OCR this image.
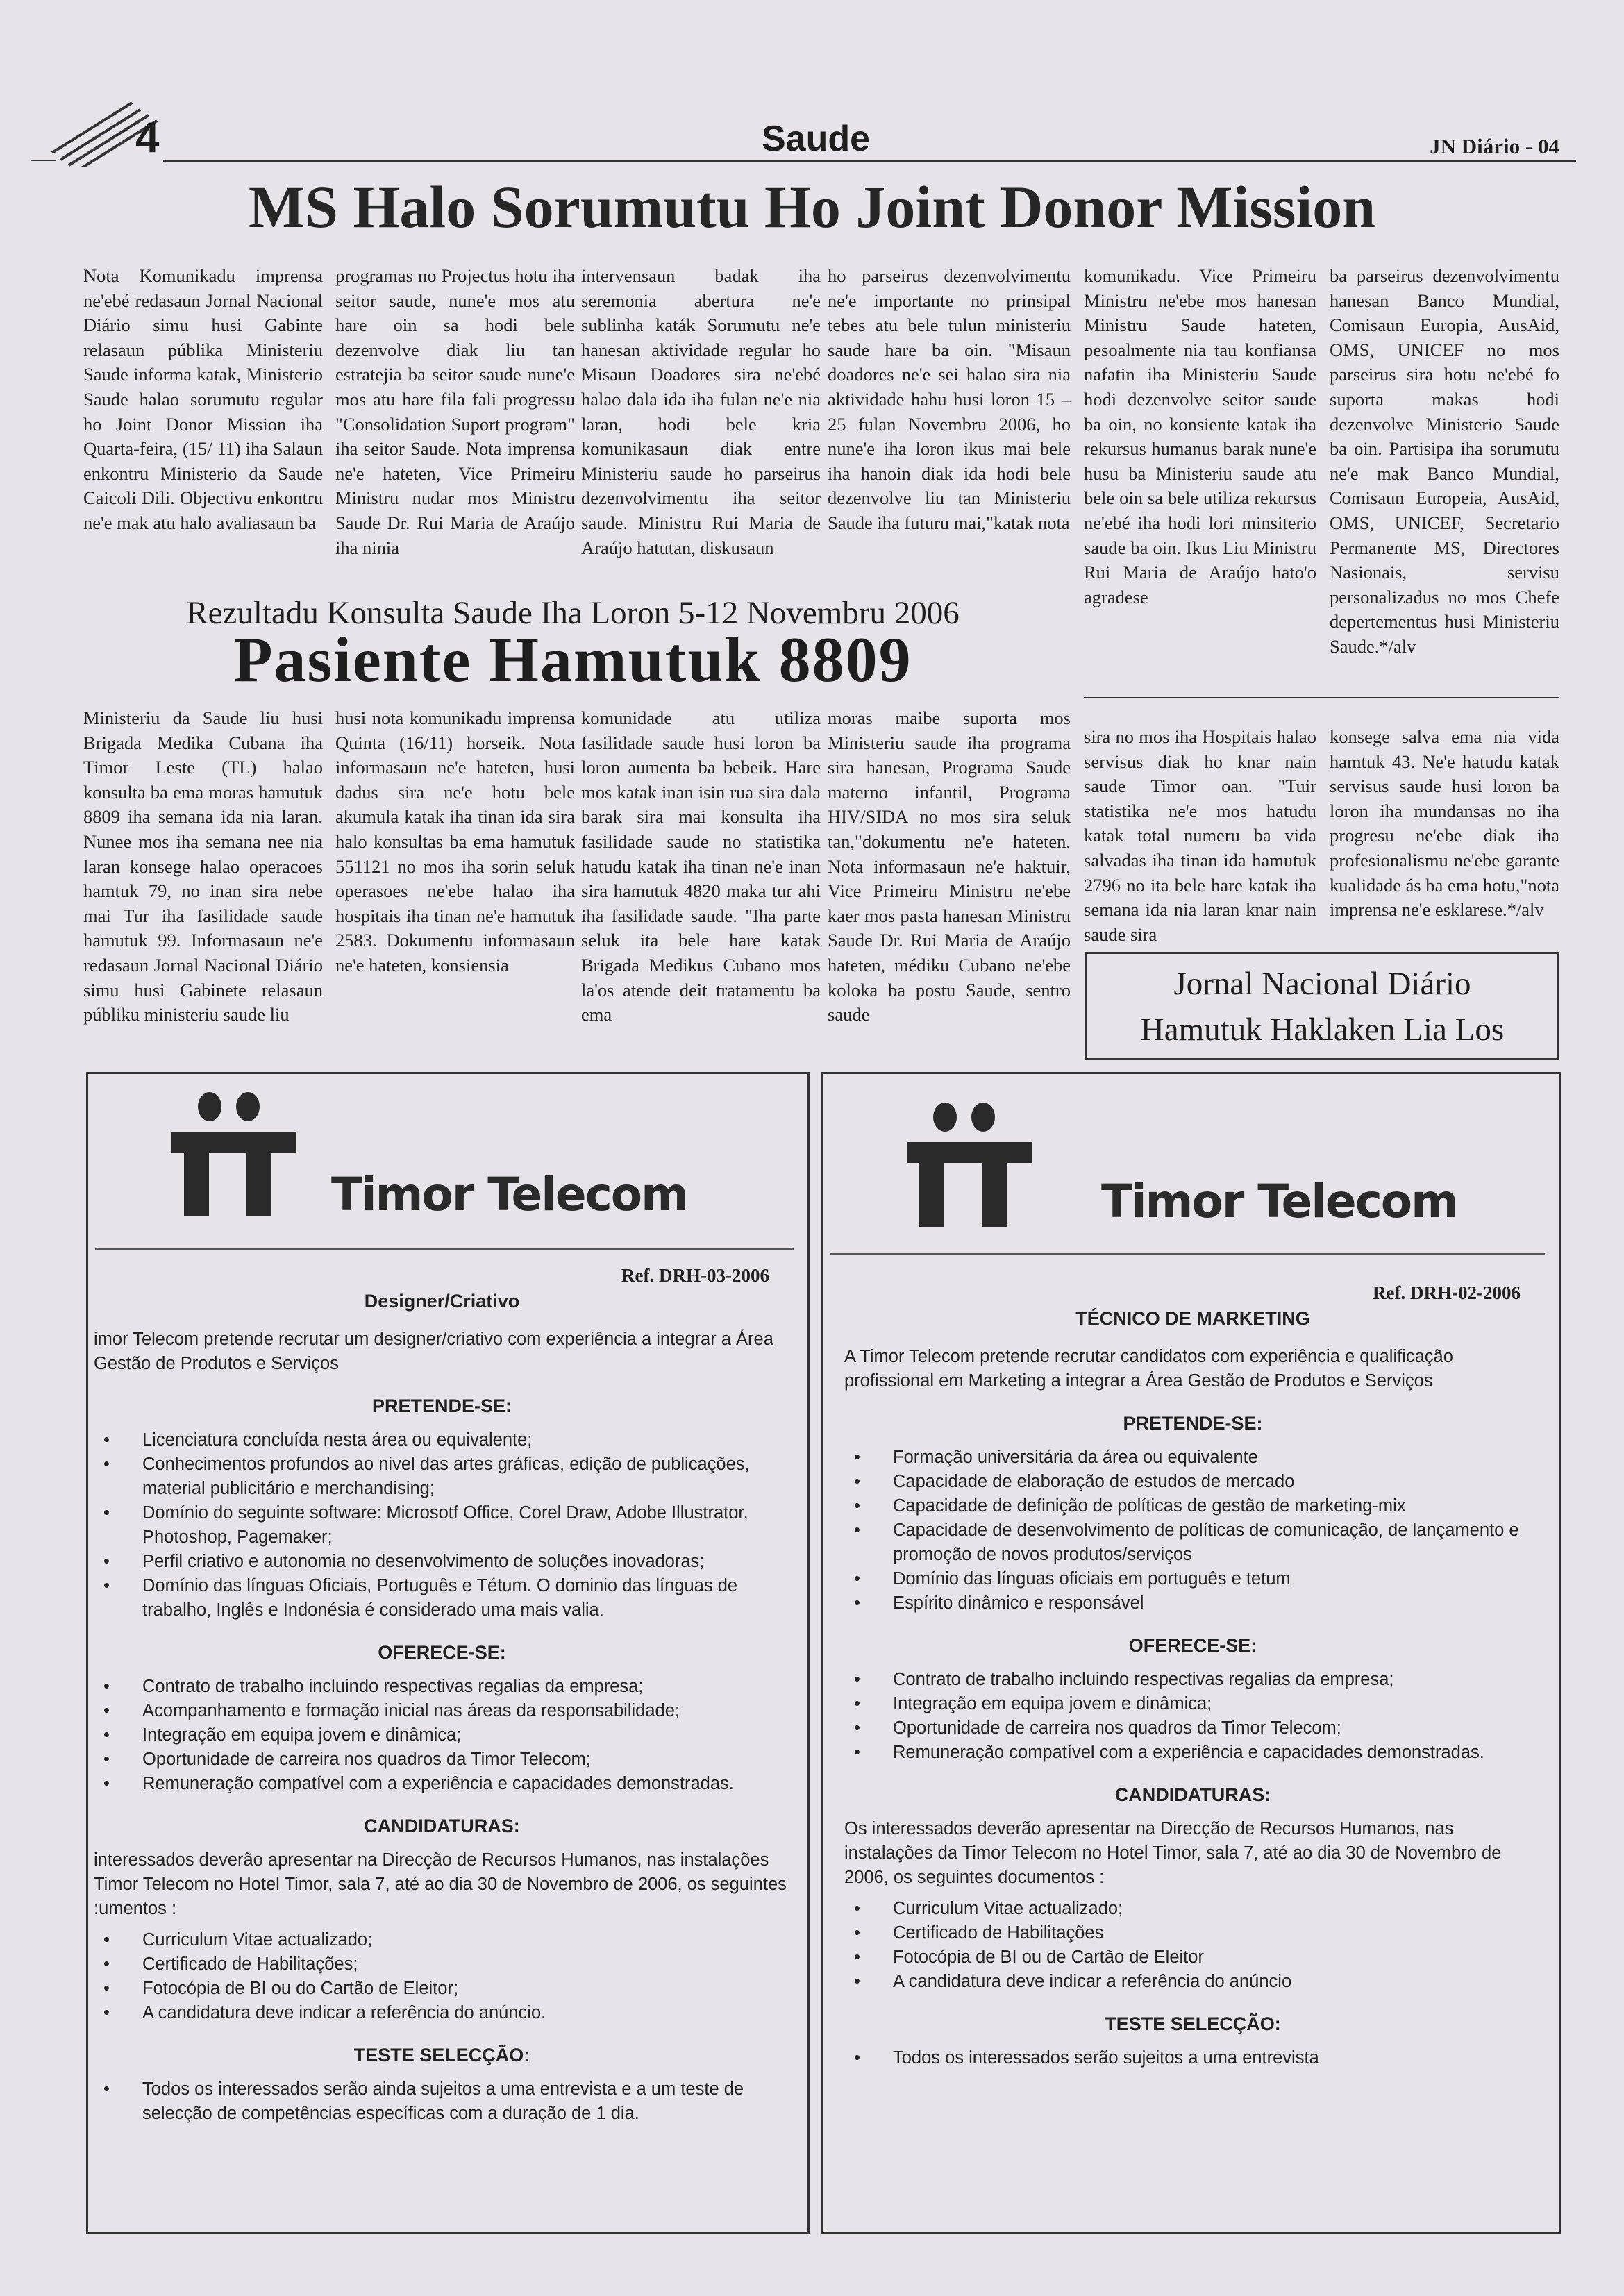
4	Saude	JN Diário - 04
MS Halo Sorumutu Ho Joint Donor Mission
Nota Komunikadu imprensa ne'ebé redasaun Jornal Nacional Diário simu husi Gabinte relasaun públika Ministeriu Saude informa katak, Ministerio Saude halao sorumutu regular ho Joint Donor Mission iha Quarta-feira, (15/ 11) iha Salaun enkontru Ministerio da Saude Caicoli Dili. Objectivu enkontru ne'e mak atu halo avaliasaun ba
programas no Projectus hotu iha seitor saude, nune'e mos atu hare oin sa hodi bele dezenvolve diak liu tan estratejia ba seitor saude nune'e mos atu hare fila fali progressu "Consolidation Suport program" iha seitor Saude. Nota imprensa ne'e hateten, Vice Primeiru Ministru nudar mos Ministru Saude Dr. Rui Maria de Araújo iha ninia
intervensaun badak iha seremonia abertura ne'e sublinha katák Sorumutu ne'e hanesan aktividade regular ho Misaun Doadores sira ne'ebé halao dala ida iha fulan ne'e nia laran, hodi bele kria komunikasaun diak entre Ministeriu saude ho parseirus dezenvolvimentu iha seitor saude. Ministru Rui Maria de Araújo hatutan, diskusaun
ho parseirus dezenvolvimentu ne'e importante no prinsipal tebes atu bele tulun ministeriu saude hare ba oin. "Misaun doadores ne'e sei halao sira nia aktividade hahu husi loron 15 – 25 fulan Novembru 2006, ho nune'e iha loron ikus mai bele iha hanoin diak ida hodi bele dezenvolve liu tan Ministeriu Saude iha futuru mai,"katak nota
komunikadu. Vice Primeiru Ministru ne'ebe mos hanesan Ministru Saude hateten, pesoalmente nia tau konfiansa nafatin iha Ministeriu Saude hodi dezenvolve seitor saude ba oin, no konsiente katak iha rekursus humanus barak nune'e husu ba Ministeriu saude atu bele oin sa bele utiliza rekursus ne'ebé iha hodi lori minsiterio saude ba oin. Ikus Liu Ministru Rui Maria de Araújo hato'o agradese
ba parseirus dezenvolvimentu hanesan Banco Mundial, Comisaun Europia, AusAid, OMS, UNICEF no mos parseirus sira hotu ne'ebé fo suporta makas hodi dezenvolve Ministerio Saude ba oin. Partisipa iha sorumutu ne'e mak Banco Mundial, Comisaun Europeia, AusAid, OMS, UNICEF, Secretario Permanente MS, Directores Nasionais, servisu personalizadus no mos Chefe depertementus husi Ministeriu Saude.*/alv
Rezultadu Konsulta Saude Iha Loron 5-12 Novembru 2006
Pasiente Hamutuk 8809
Ministeriu da Saude liu husi Brigada Medika Cubana iha Timor Leste (TL) halao konsulta ba ema moras hamutuk 8809 iha semana ida nia laran. Nunee mos iha semana nee nia laran konsege halao operacoes hamtuk 79, no inan sira nebe mai Tur iha fasilidade saude hamutuk 99. Informasaun ne'e redasaun Jornal Nacional Diário simu husi Gabinete relasaun públiku ministeriu saude liu
husi nota komunikadu imprensa Quinta (16/11) horseik. Nota informasaun ne'e hateten, husi dadus sira ne'e hotu bele akumula katak iha tinan ida sira halo konsultas ba ema hamutuk 551121 no mos iha sorin seluk operasoes ne'ebe halao iha hospitais iha tinan ne'e hamutuk 2583. Dokumentu informasaun ne'e hateten, konsiensia
komunidade atu utiliza fasilidade saude husi loron ba loron aumenta ba bebeik. Hare mos katak inan isin rua sira dala barak sira mai konsulta iha fasilidade saude no statistika hatudu katak iha tinan ne'e inan sira hamutuk 4820 maka tur ahi iha fasilidade saude. "Iha parte seluk ita bele hare katak Brigada Medikus Cubano mos la'os atende deit tratamentu ba ema
moras maibe suporta mos Ministeriu saude iha programa sira hanesan, Programa Saude materno infantil, Programa HIV/SIDA no mos sira seluk tan,"dokumentu ne'e hateten. Nota informasaun ne'e haktuir, Vice Primeiru Ministru ne'ebe kaer mos pasta hanesan Ministru Saude Dr. Rui Maria de Araújo hateten, médiku Cubano ne'ebe koloka ba postu Saude, sentro saude
sira no mos iha Hospitais halao servisus diak ho knar nain saude Timor oan. "Tuir statistika ne'e mos hatudu katak total numeru ba vida salvadas iha tinan ida hamutuk 2796 no ita bele hare katak iha semana ida nia laran knar nain saude sira
konsege salva ema nia vida hamtuk 43. Ne'e hatudu katak servisus saude husi loron ba loron iha mundansas no iha progresu ne'ebe diak iha profesionalismu ne'ebe garante kualidade ás ba ema hotu,"nota imprensa ne'e esklarese.*/alv
Jornal Nacional Diário
Hamutuk Haklaken Lia Los
Timor Telecom
Ref. DRH-03-2006
Designer/Criativo

imor Telecom pretende recrutar um designer/criativo com experiência a integrar a Área Gestão de Produtos e Serviços

PRETENDE-SE:
• Licenciatura concluída nesta área ou equivalente;
• Conhecimentos profundos ao nivel das artes gráficas, edição de publicações, material publicitário e merchandising;
• Domínio do seguinte software: Microsotf Office, Corel Draw, Adobe Illustrator, Photoshop, Pagemaker;
• Perfil criativo e autonomia no desenvolvimento de soluções inovadoras;
• Domínio das línguas Oficiais, Português e Tétum. O dominio das línguas de trabalho, Inglês e Indonésia é considerado uma mais valia.
OFERECE-SE:
• Contrato de trabalho incluindo respectivas regalias da empresa;
• Acompanhamento e formação inicial nas áreas da responsabilidade;
• Integração em equipa jovem e dinâmica;
• Oportunidade de carreira nos quadros da Timor Telecom;
• Remuneração compatível com a experiência e capacidades demonstradas.
CANDIDATURAS:

interessados deverão apresentar na Direcção de Recursos Humanos, nas instalações Timor Telecom no Hotel Timor, sala 7, até ao dia 30 de Novembro de 2006, os seguintes :umentos :

• Curriculum Vitae actualizado;
• Certificado de Habilitações;
• Fotocópia de BI ou do Cartão de Eleitor;
• A candidatura deve indicar a referência do anúncio.
TESTE SELECÇÃO:
• Todos os interessados serão ainda sujeitos a uma entrevista e a um teste de selecção de competências específicas com a duração de 1 dia.
Timor Telecom
Ref. DRH-02-2006
TÉCNICO DE MARKETING

A Timor Telecom pretende recrutar candidatos com experiência e qualificação profissional em Marketing a integrar a Área Gestão de Produtos e Serviços

PRETENDE-SE:
• Formação universitária da área ou equivalente
• Capacidade de elaboração de estudos de mercado
• Capacidade de definição de políticas de gestão de marketing-mix
• Capacidade de desenvolvimento de políticas de comunicação, de lançamento e promoção de novos produtos/serviços
• Domínio das línguas oficiais em português e tetum
• Espírito dinâmico e responsável
OFERECE-SE:
• Contrato de trabalho incluindo respectivas regalias da empresa;
• Integração em equipa jovem e dinâmica;
• Oportunidade de carreira nos quadros da Timor Telecom;
• Remuneração compatível com a experiência e capacidades demonstradas.
CANDIDATURAS:

Os interessados deverão apresentar na Direcção de Recursos Humanos, nas instalações da Timor Telecom no Hotel Timor, sala 7, até ao dia 30 de Novembro de 2006, os seguintes documentos :

• Curriculum Vitae actualizado;
• Certificado de Habilitações
• Fotocópia de BI ou de Cartão de Eleitor
• A candidatura deve indicar a referência do anúncio
TESTE SELECÇÃO:
• Todos os interessados serão sujeitos a uma entrevista
